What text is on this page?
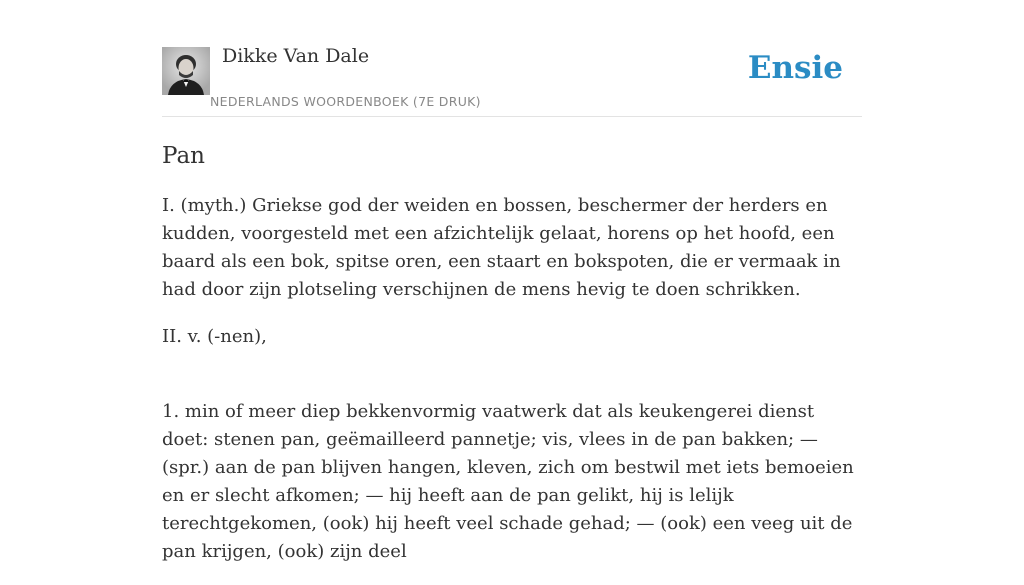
Dikke Van Dale
NEDERLANDS WOORDENBOEK (7E DRUK)
Ensie
Pan

I. (myth.) Griekse god der weiden en bossen, beschermer der herders en kudden, voorgesteld met een afzichtelijk gelaat, horens op het hoofd, een baard als een bok, spitse oren, een staart en bokspoten, die er vermaak in had door zijn plotseling verschijnen de mens hevig te doen schrikken.

II. v. (-nen),

1. min of meer diep bekkenvormig vaatwerk dat als keukengerei dienst doet: stenen pan, geëmailleerd pannetje; vis, vlees in de pan bakken; — (spr.) aan de pan blijven hangen, kleven, zich om bestwil met iets bemoeien en er slecht afkomen; — hij heeft aan de pan gelikt, hij is lelijk terechtgekomen, (ook) hij heeft veel schade gehad; — (ook) een veeg uit de pan krijgen, (ook) zijn deel
